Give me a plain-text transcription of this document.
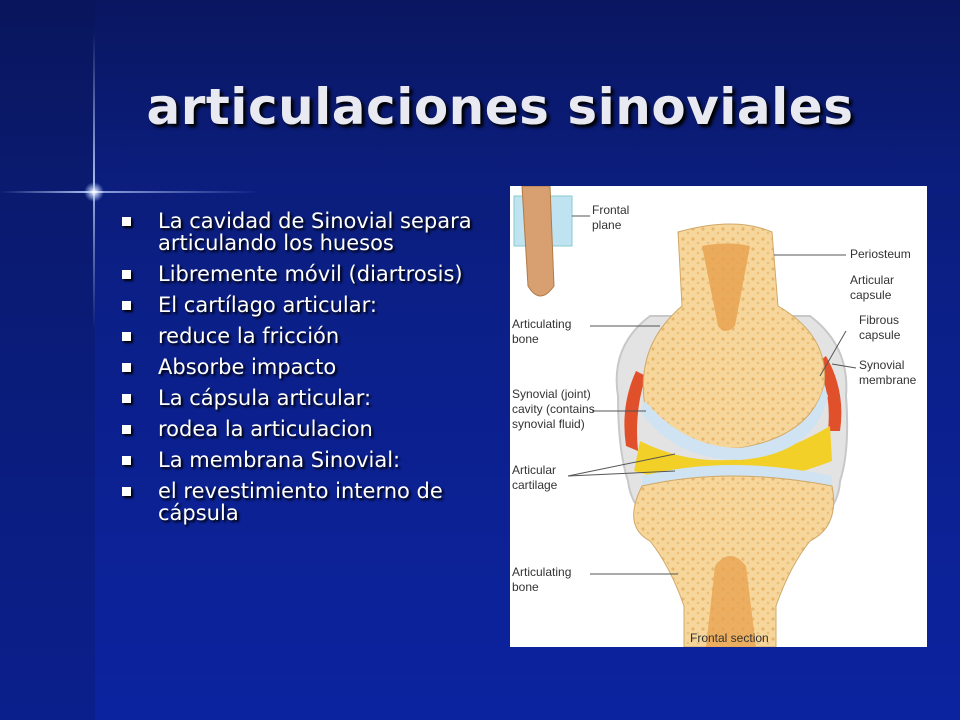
articulaciones sinoviales
La cavidad de Sinovial separa articulando los huesos
Libremente móvil (diartrosis)
El cartílago articular:
reduce la fricción
Absorbe impacto
La cápsula articular:
rodea la articulacion
La membrana Sinovial:
el revestimiento interno de cápsula
Frontal
plane
Periosteum
Articular
capsule
Fibrous
capsule
Synovial
membrane
Articulating
bone
Synovial (joint)
cavity (contains
synovial fluid)
Articular
cartilage
Articulating
bone
Frontal section
